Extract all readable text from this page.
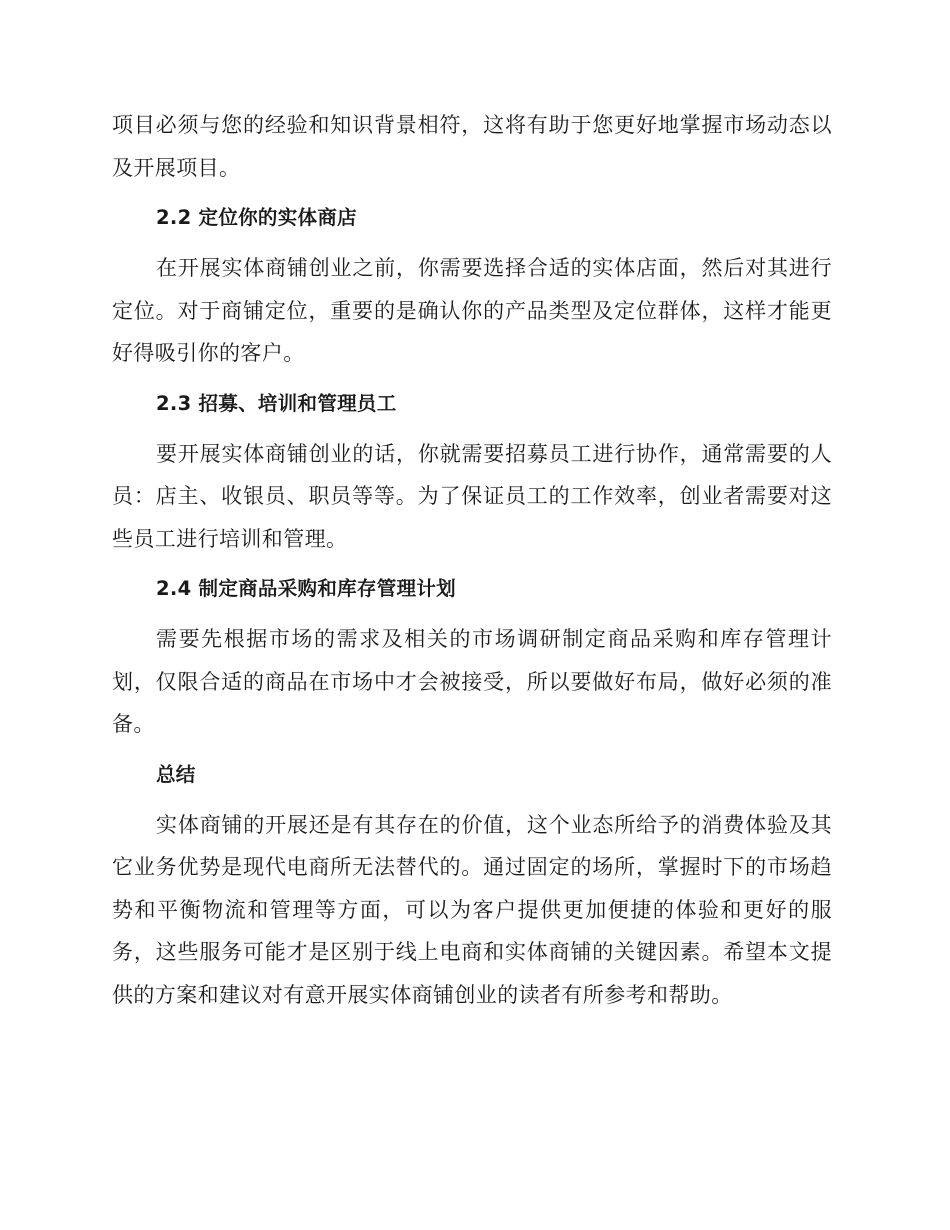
项目必须与您的经验和知识背景相符，这将有助于您更好地掌握市场动态以及开展项目。

2.2 定位你的实体商店

在开展实体商铺创业之前，你需要选择合适的实体店面，然后对其进行定位。对于商铺定位，重要的是确认你的产品类型及定位群体，这样才能更好得吸引你的客户。

2.3 招募、培训和管理员工

要开展实体商铺创业的话，你就需要招募员工进行协作，通常需要的人员：店主、收银员、职员等等。为了保证员工的工作效率，创业者需要对这些员工进行培训和管理。

2.4 制定商品采购和库存管理计划

需要先根据市场的需求及相关的市场调研制定商品采购和库存管理计划，仅限合适的商品在市场中才会被接受，所以要做好布局，做好必须的准备。

总结

实体商铺的开展还是有其存在的价值，这个业态所给予的消费体验及其它业务优势是现代电商所无法替代的。通过固定的场所，掌握时下的市场趋势和平衡物流和管理等方面，可以为客户提供更加便捷的体验和更好的服务，这些服务可能才是区别于线上电商和实体商铺的关键因素。希望本文提供的方案和建议对有意开展实体商铺创业的读者有所参考和帮助。
